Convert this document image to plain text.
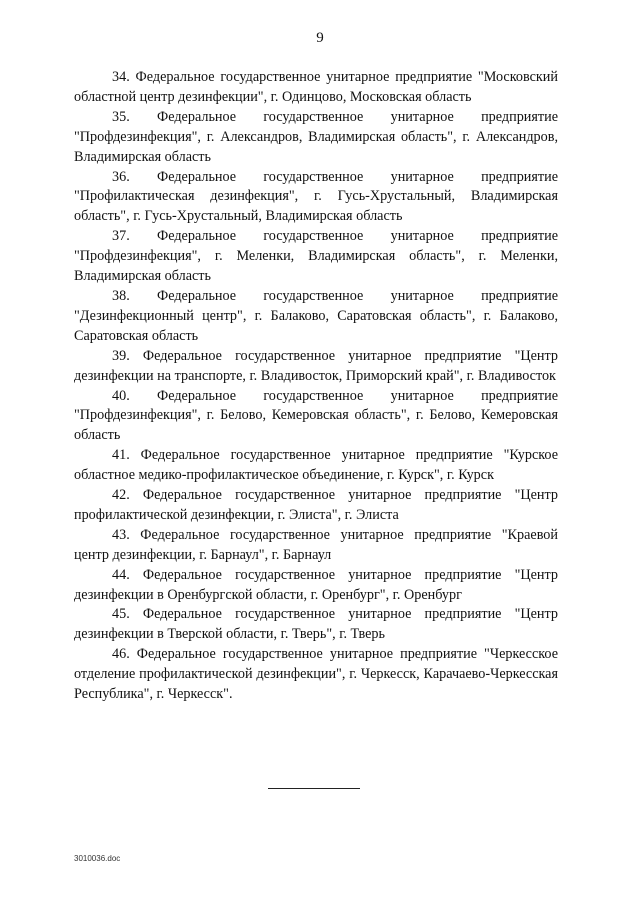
9

34. Федеральное государственное унитарное предприятие "Московский областной центр дезинфекции", г. Одинцово, Московская область

35. Федеральное государственное унитарное предприятие "Профдезинфекция", г. Александров, Владимирская область", г. Александров, Владимирская область

36. Федеральное государственное унитарное предприятие "Профилактическая дезинфекция", г. Гусь-Хрустальный, Владимирская область", г. Гусь-Хрустальный, Владимирская область

37. Федеральное государственное унитарное предприятие "Профдезинфекция", г. Меленки, Владимирская область", г. Меленки, Владимирская область

38. Федеральное государственное унитарное предприятие "Дезинфекционный центр", г. Балаково, Саратовская область", г. Балаково, Саратовская область

39. Федеральное государственное унитарное предприятие "Центр дезинфекции на транспорте, г. Владивосток, Приморский край", г. Владивосток

40. Федеральное государственное унитарное предприятие "Профдезинфекция", г. Белово, Кемеровская область", г. Белово, Кемеровская область

41. Федеральное государственное унитарное предприятие "Курское областное медико-профилактическое объединение, г. Курск", г. Курск

42. Федеральное государственное унитарное предприятие "Центр профилактической дезинфекции, г. Элиста", г. Элиста

43. Федеральное государственное унитарное предприятие "Краевой центр дезинфекции, г. Барнаул", г. Барнаул

44. Федеральное государственное унитарное предприятие "Центр дезинфекции в Оренбургской области, г. Оренбург", г. Оренбург

45. Федеральное государственное унитарное предприятие "Центр дезинфекции в Тверской области, г. Тверь", г. Тверь

46. Федеральное государственное унитарное предприятие "Черкесское отделение профилактической дезинфекции", г. Черкесск, Карачаево-Черкесская Республика", г. Черкесск".

3010036.doc
